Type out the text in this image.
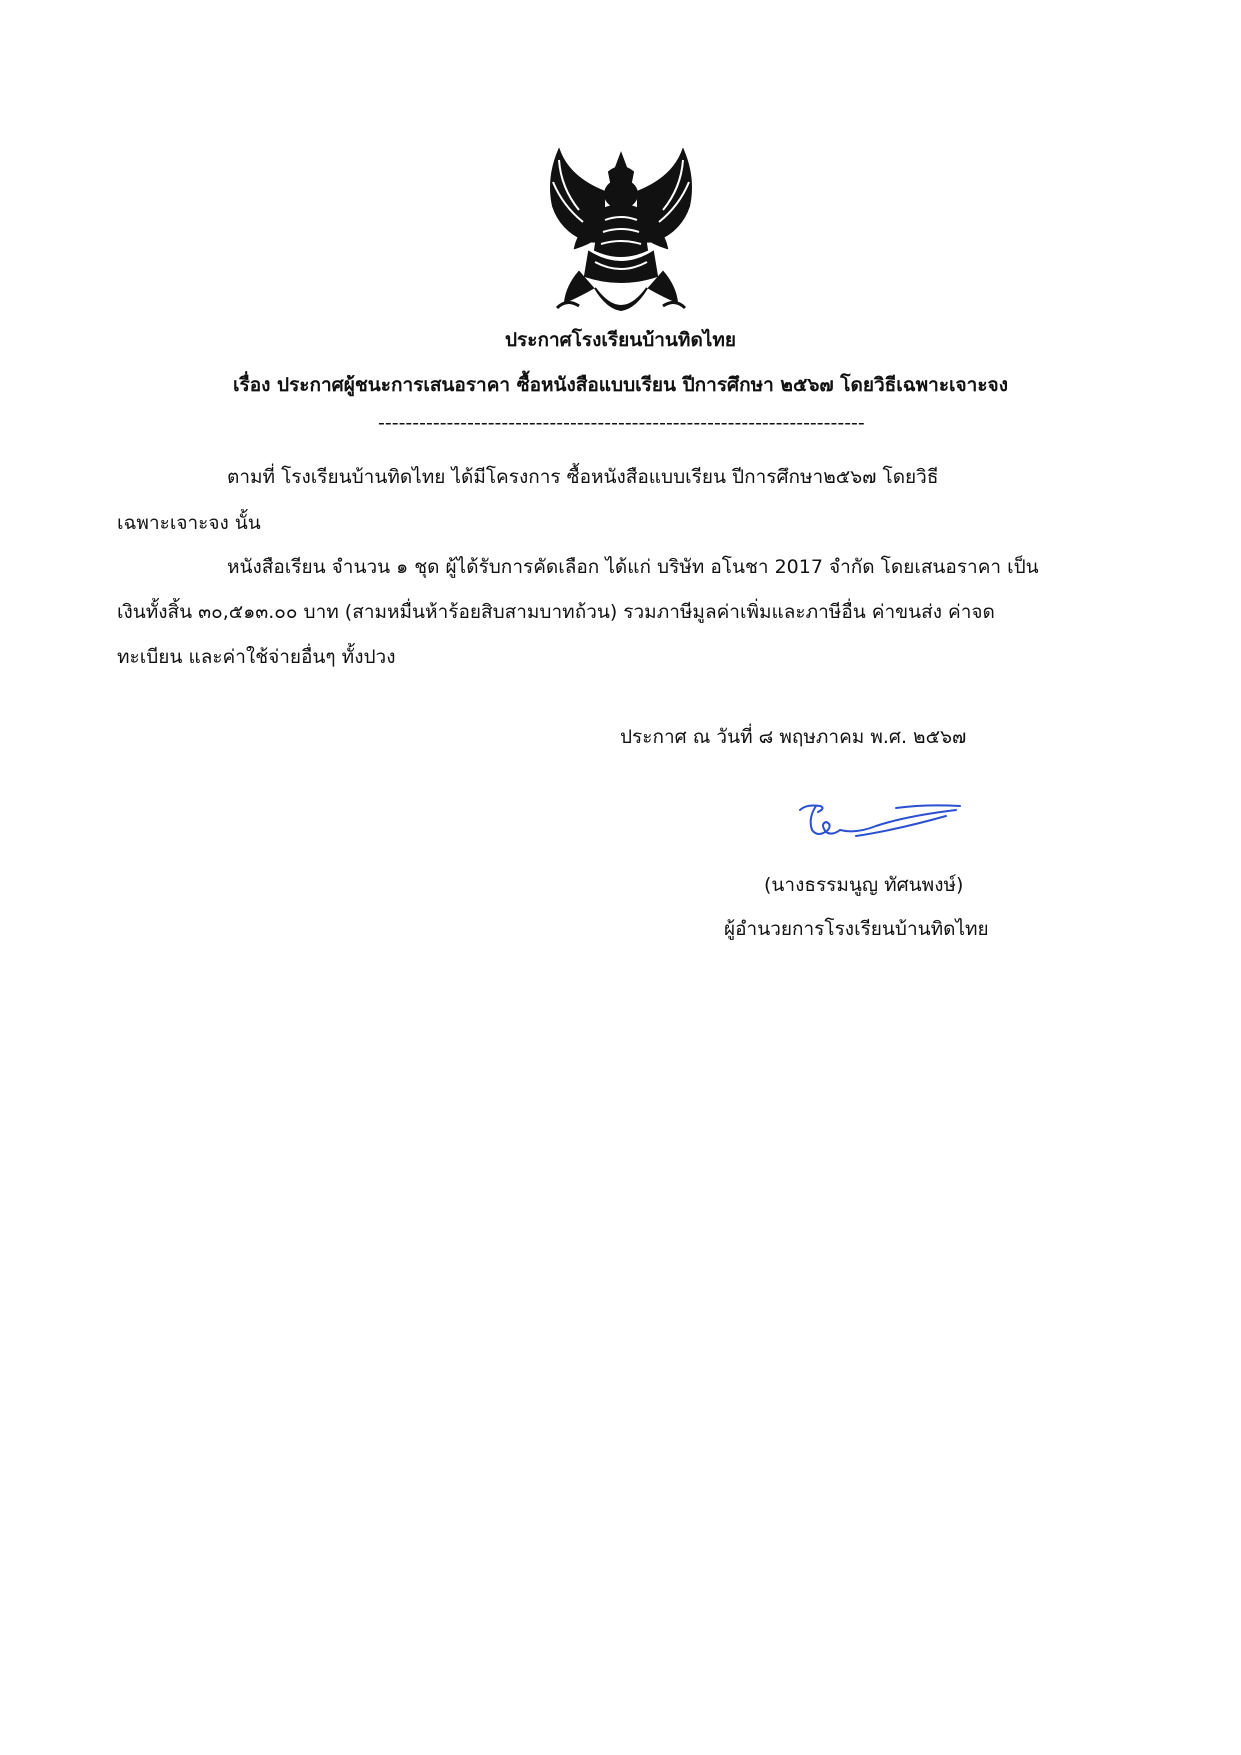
ประกาศโรงเรียนบ้านทิดไทย
เรื่อง ประกาศผู้ชนะการเสนอราคา ซื้อหนังสือแบบเรียน ปีการศึกษา ๒๕๖๗ โดยวิธีเฉพาะเจาะจง
-----------------------------------------------------------------------
ตามที่ โรงเรียนบ้านทิดไทย ได้มีโครงการ ซื้อหนังสือแบบเรียน ปีการศึกษา๒๕๖๗ โดยวิธี
เฉพาะเจาะจง นั้น
หนังสือเรียน จำนวน ๑ ชุด ผู้ได้รับการคัดเลือก ได้แก่ บริษัท อโนชา 2017 จำกัด โดยเสนอราคา เป็น
เงินทั้งสิ้น ๓๐,๕๑๓.๐๐ บาท (สามหมื่นห้าร้อยสิบสามบาทถ้วน) รวมภาษีมูลค่าเพิ่มและภาษีอื่น ค่าขนส่ง ค่าจด
ทะเบียน และค่าใช้จ่ายอื่นๆ ทั้งปวง
ประกาศ ณ วันที่ ๘ พฤษภาคม พ.ศ. ๒๕๖๗
(นางธรรมนูญ ทัศนพงษ์)
ผู้อำนวยการโรงเรียนบ้านทิดไทย
